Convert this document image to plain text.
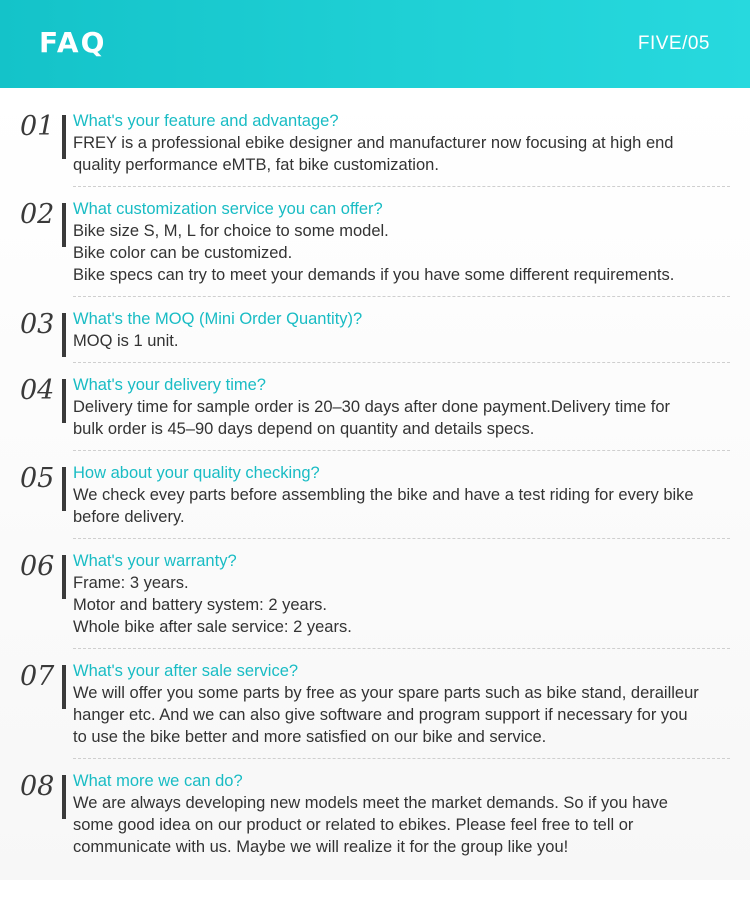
FAQ	FIVE/05
01 What's your feature and advantage?
FREY is a professional ebike designer and manufacturer now focusing at high end
quality performance eMTB, fat bike customization.
02 What customization service you can offer?
Bike size S, M, L for choice to some model.
Bike color can be customized.
Bike specs can try to meet your demands if you have some different requirements.
03 What's the MOQ (Mini Order Quantity)?
MOQ is 1 unit.
04 What's your delivery time?
Delivery time for sample order is 20–30 days after done payment.Delivery time for
bulk order is 45–90 days depend on quantity and details specs.
05 How about your quality checking?
We check evey parts before assembling the bike and have a test riding for every bike
before delivery.
06 What's your warranty?
Frame: 3 years.
Motor and battery system: 2 years.
Whole bike after sale service: 2 years.
07 What's your after sale service?
We will offer you some parts by free as your spare parts such as bike stand, derailleur
hanger etc. And we can also give software and program support if necessary for you
to use the bike better and more satisfied on our bike and service.
08 What more we can do?
We are always developing new models meet the market demands. So if you have
some good idea on our product or related to ebikes. Please feel free to tell or
communicate with us. Maybe we will realize it for the group like you!
